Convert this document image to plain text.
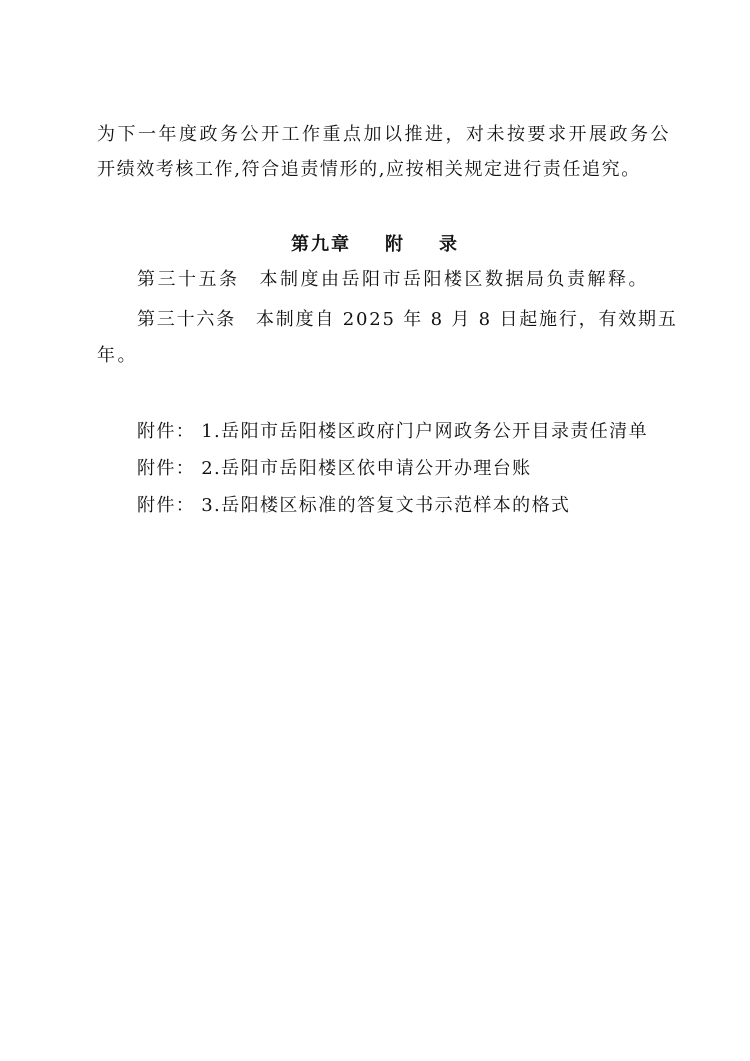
为下一年度政务公开工作重点加以推进，对未按要求开展政务公
开绩效考核工作,符合追责情形的,应按相关规定进行责任追究。
第九章 附 录
第三十五条 本制度由岳阳市岳阳楼区数据局负责解释。
第三十六条 本制度自 2025 年 8 月 8 日起施行，有效期五
年。
附件： 1.岳阳市岳阳楼区政府门户网政务公开目录责任清单
附件： 2.岳阳市岳阳楼区依申请公开办理台账
附件： 3.岳阳楼区标准的答复文书示范样本的格式
